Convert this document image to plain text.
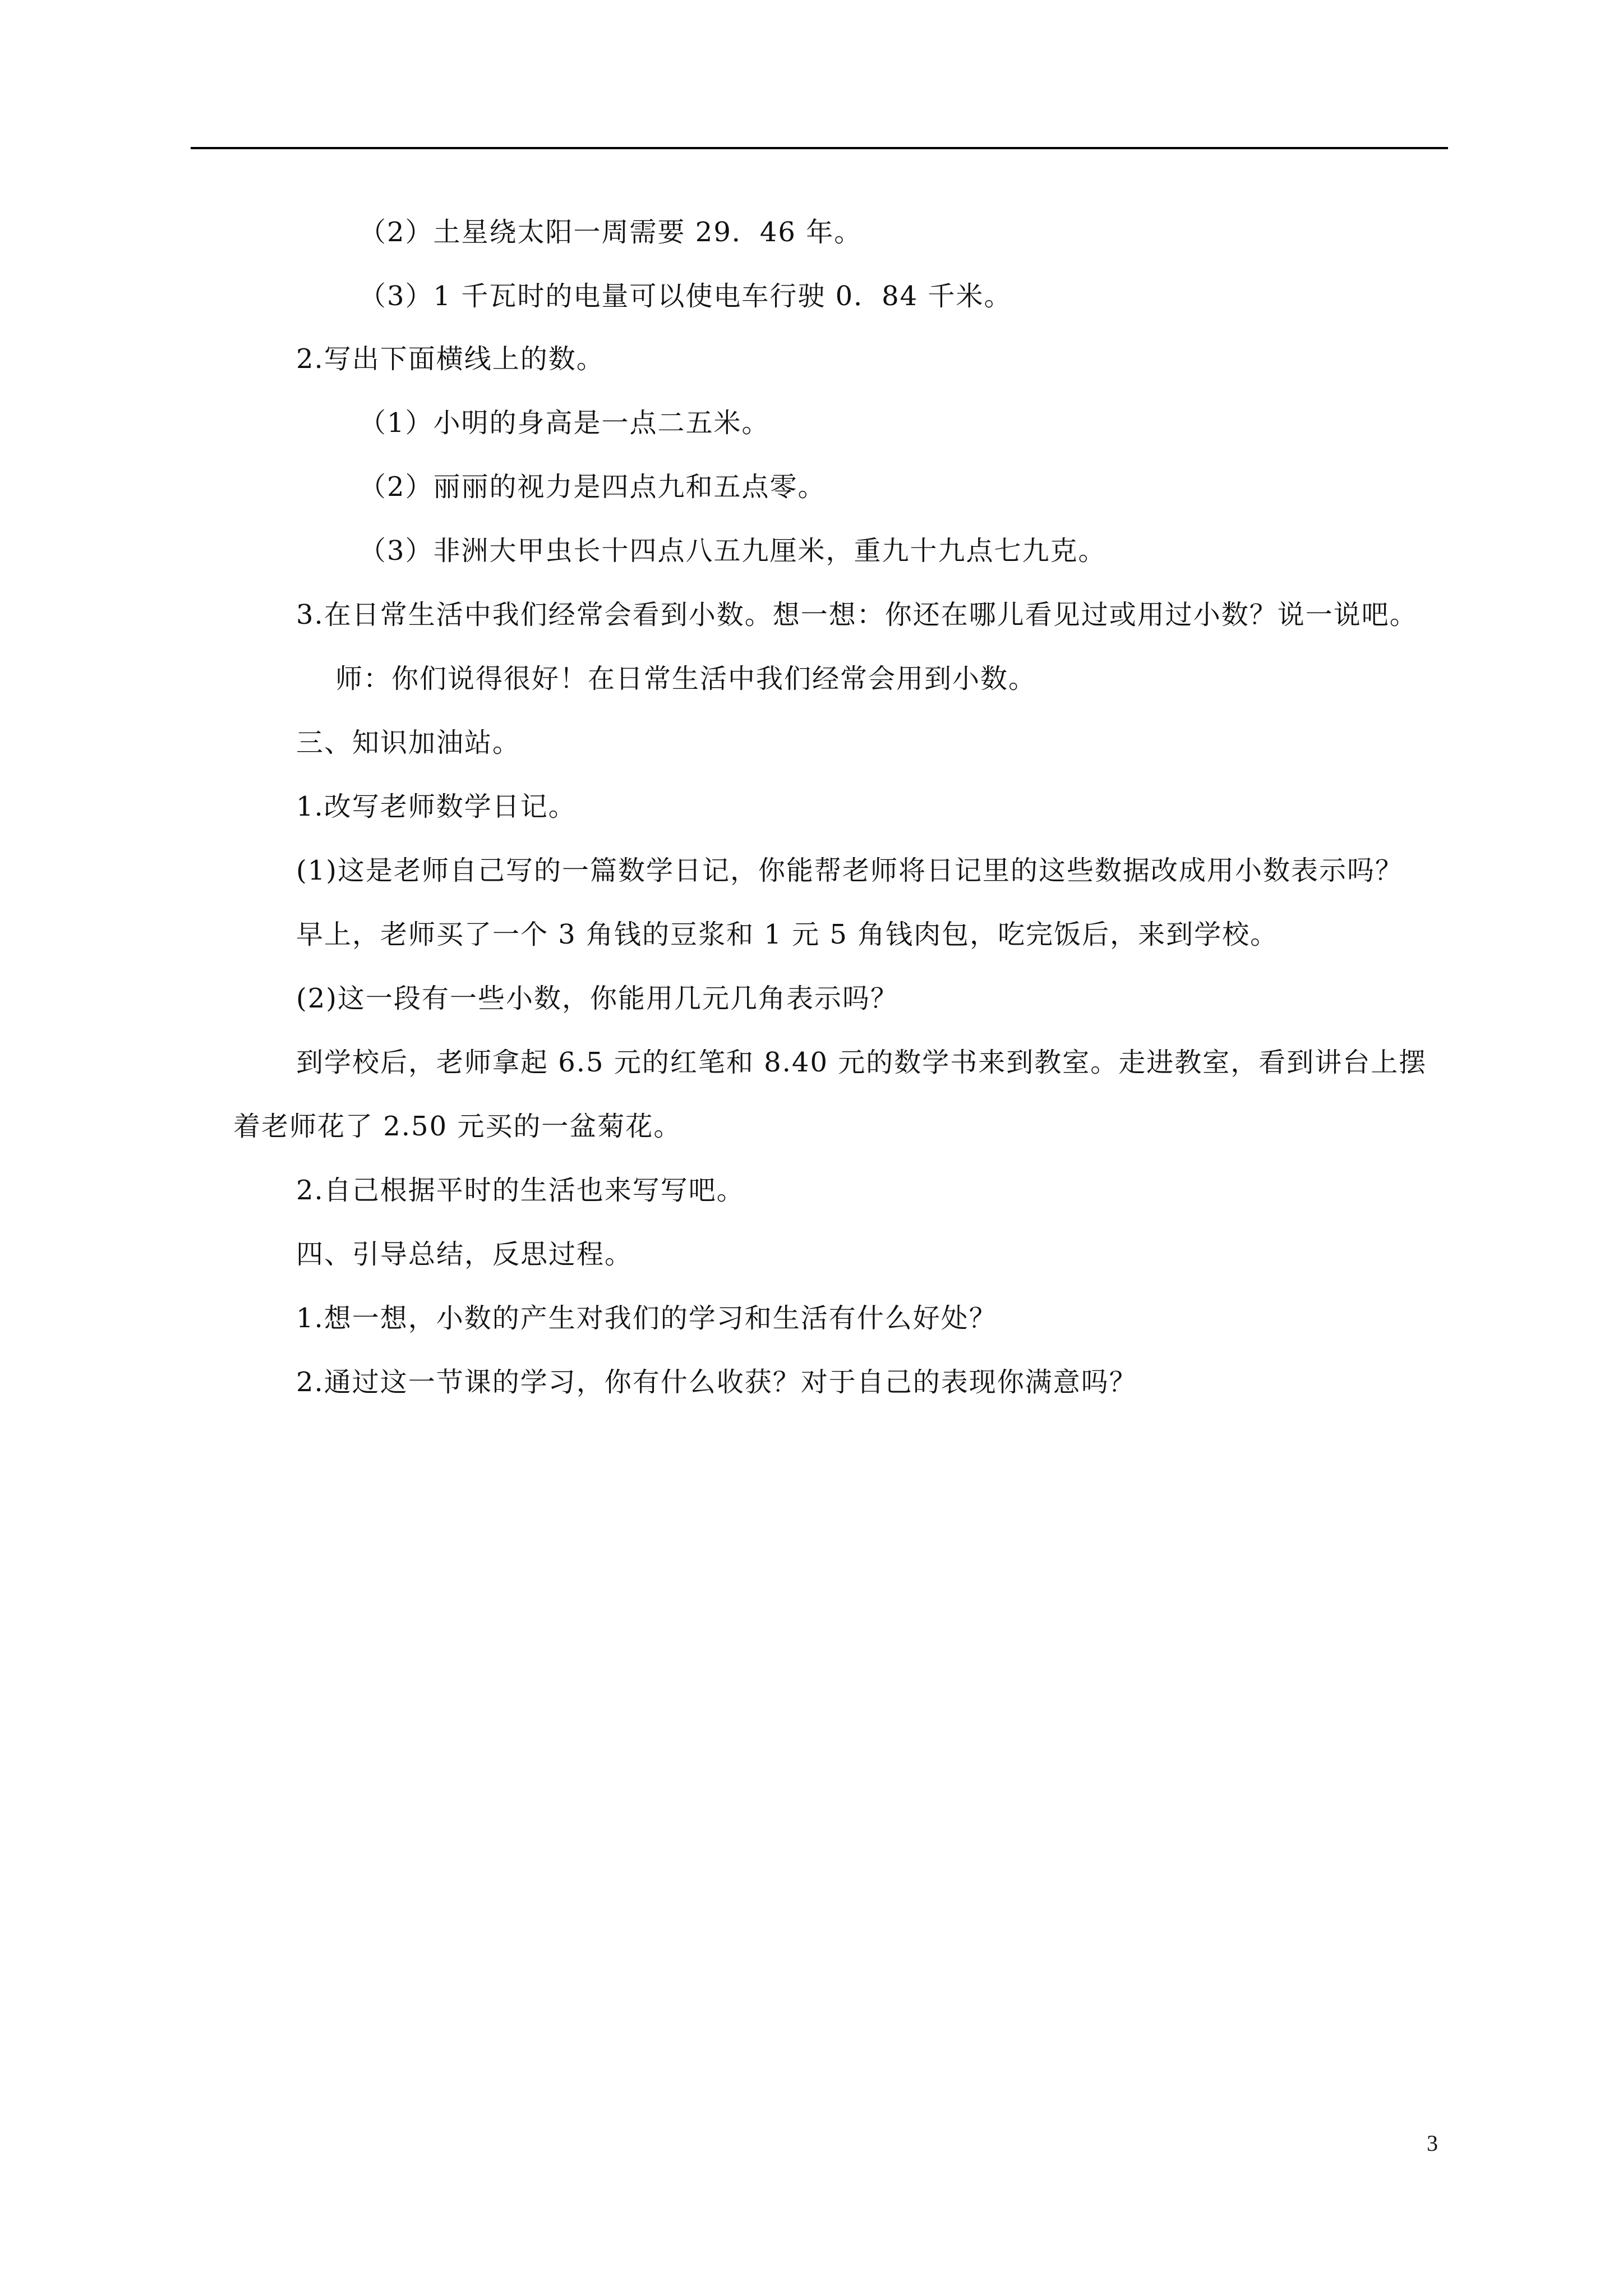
（2）土星绕太阳一周需要 29．46 年。
（3）1 千瓦时的电量可以使电车行驶 0．84 千米。
2.写出下面横线上的数。
（1）小明的身高是一点二五米。
（2）丽丽的视力是四点九和五点零。
（3）非洲大甲虫长十四点八五九厘米，重九十九点七九克。
3.在日常生活中我们经常会看到小数。想一想：你还在哪儿看见过或用过小数？说一说吧。
师：你们说得很好！在日常生活中我们经常会用到小数。
三、知识加油站。
1.改写老师数学日记。
(1)这是老师自己写的一篇数学日记，你能帮老师将日记里的这些数据改成用小数表示吗？
早上，老师买了一个 3 角钱的豆浆和 1 元 5 角钱肉包，吃完饭后，来到学校。
(2)这一段有一些小数，你能用几元几角表示吗？
到学校后，老师拿起 6.5 元的红笔和 8.40 元的数学书来到教室。走进教室，看到讲台上摆
着老师花了 2.50 元买的一盆菊花。
2.自己根据平时的生活也来写写吧。
四、引导总结，反思过程。
1.想一想，小数的产生对我们的学习和生活有什么好处？
2.通过这一节课的学习，你有什么收获？对于自己的表现你满意吗？
3
